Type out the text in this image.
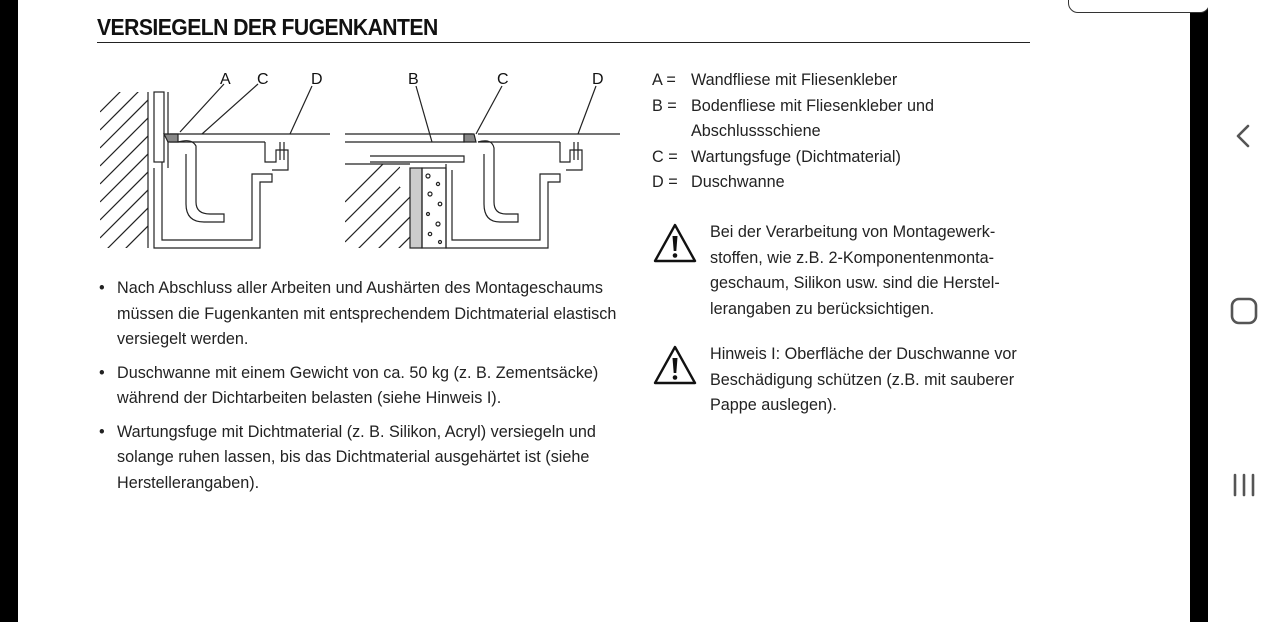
VERSIEGELN DER FUGENKANTEN
A C	D	B	C	D
• Nach Abschluss aller Arbeiten und Aushärten des Montageschaums müssen die Fugenkanten mit entsprechendem Dichtmaterial elastisch versiegelt werden.
• Duschwanne mit einem Gewicht von ca. 50 kg (z. B. Zementsäcke) während der Dichtarbeiten belasten (siehe Hinweis I).
• Wartungsfuge mit Dichtmaterial (z. B. Silikon, Acryl) versiegeln und solange ruhen lassen, bis das Dichtmaterial ausgehärtet ist (siehe Herstellerangaben).
A = Wandfliese mit Fliesenkleber
B = Bodenfliese mit Fliesenkleber und Abschlussschiene
C = Wartungsfuge (Dichtmaterial)
D = Duschwanne

Bei der Verarbeitung von Montagewerkstoffen, wie z.B. 2-Komponentenmontageschaum, Silikon usw. sind die Herstellerangaben zu berücksichtigen.

Hinweis I: Oberfläche der Duschwanne vor Beschädigung schützen (z.B. mit sauberer Pappe auslegen).
